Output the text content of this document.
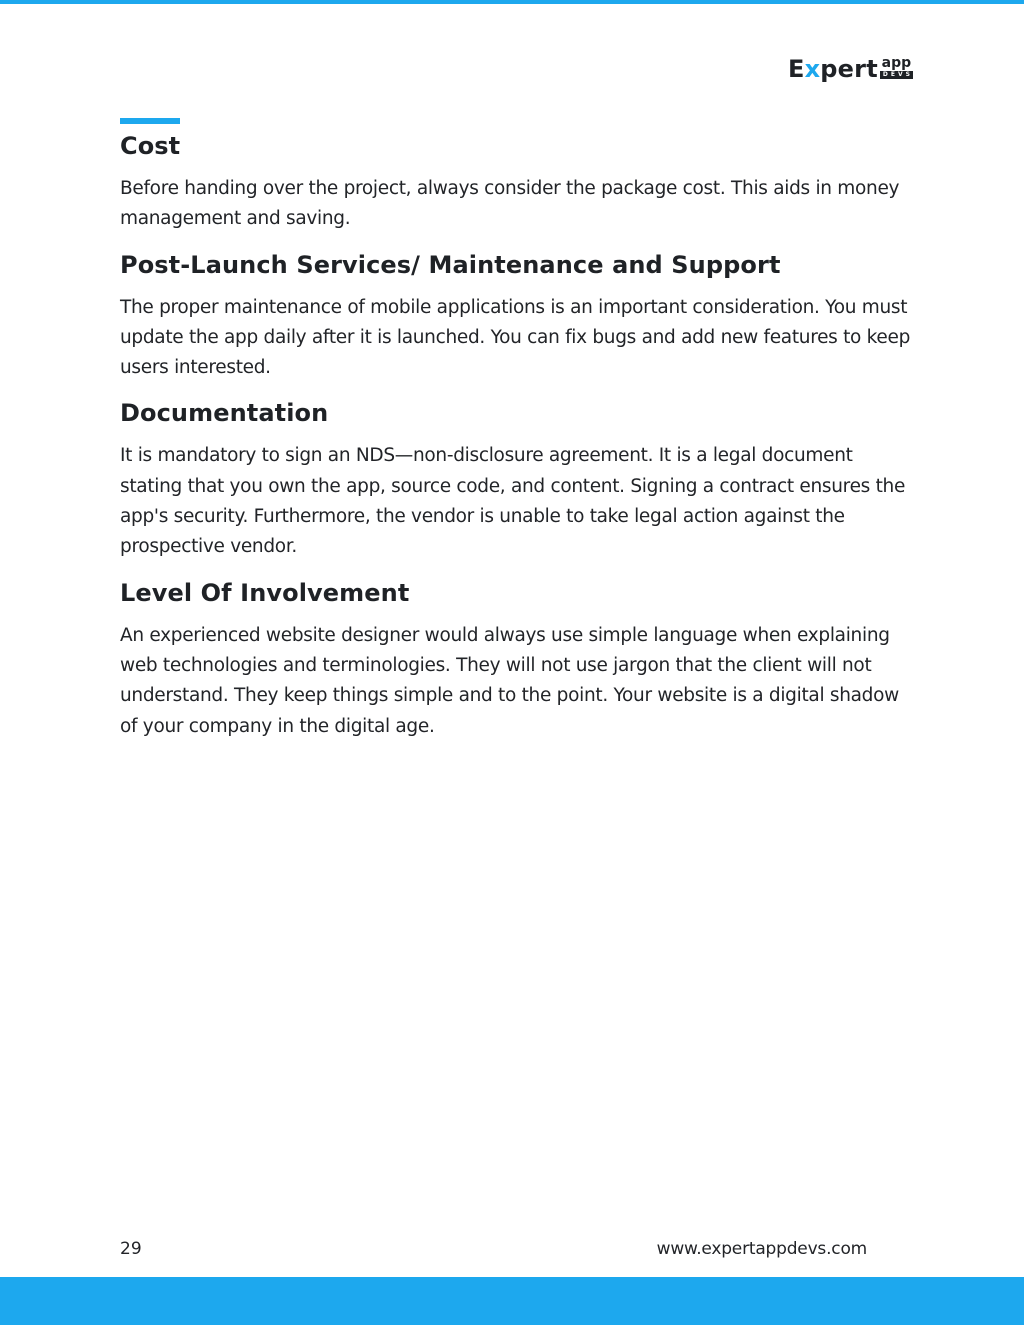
E x pert app
DEVS
Cost

Before handing over the project, always consider the package cost. This aids in money management and saving.

Post-Launch Services/ Maintenance and Support

The proper maintenance of mobile applications is an important consideration. You must update the app daily after it is launched. You can fix bugs and add new features to keep users interested.

Documentation

It is mandatory to sign an NDS—non-disclosure agreement. It is a legal document stating that you own the app, source code, and content. Signing a contract ensures the app's security. Furthermore, the vendor is unable to take legal action against the prospective vendor.

Level Of Involvement

An experienced website designer would always use simple language when explaining web technologies and terminologies. They will not use jargon that the client will not understand. They keep things simple and to the point. Your website is a digital shadow of your company in the digital age.

29	www.expertappdevs.com
